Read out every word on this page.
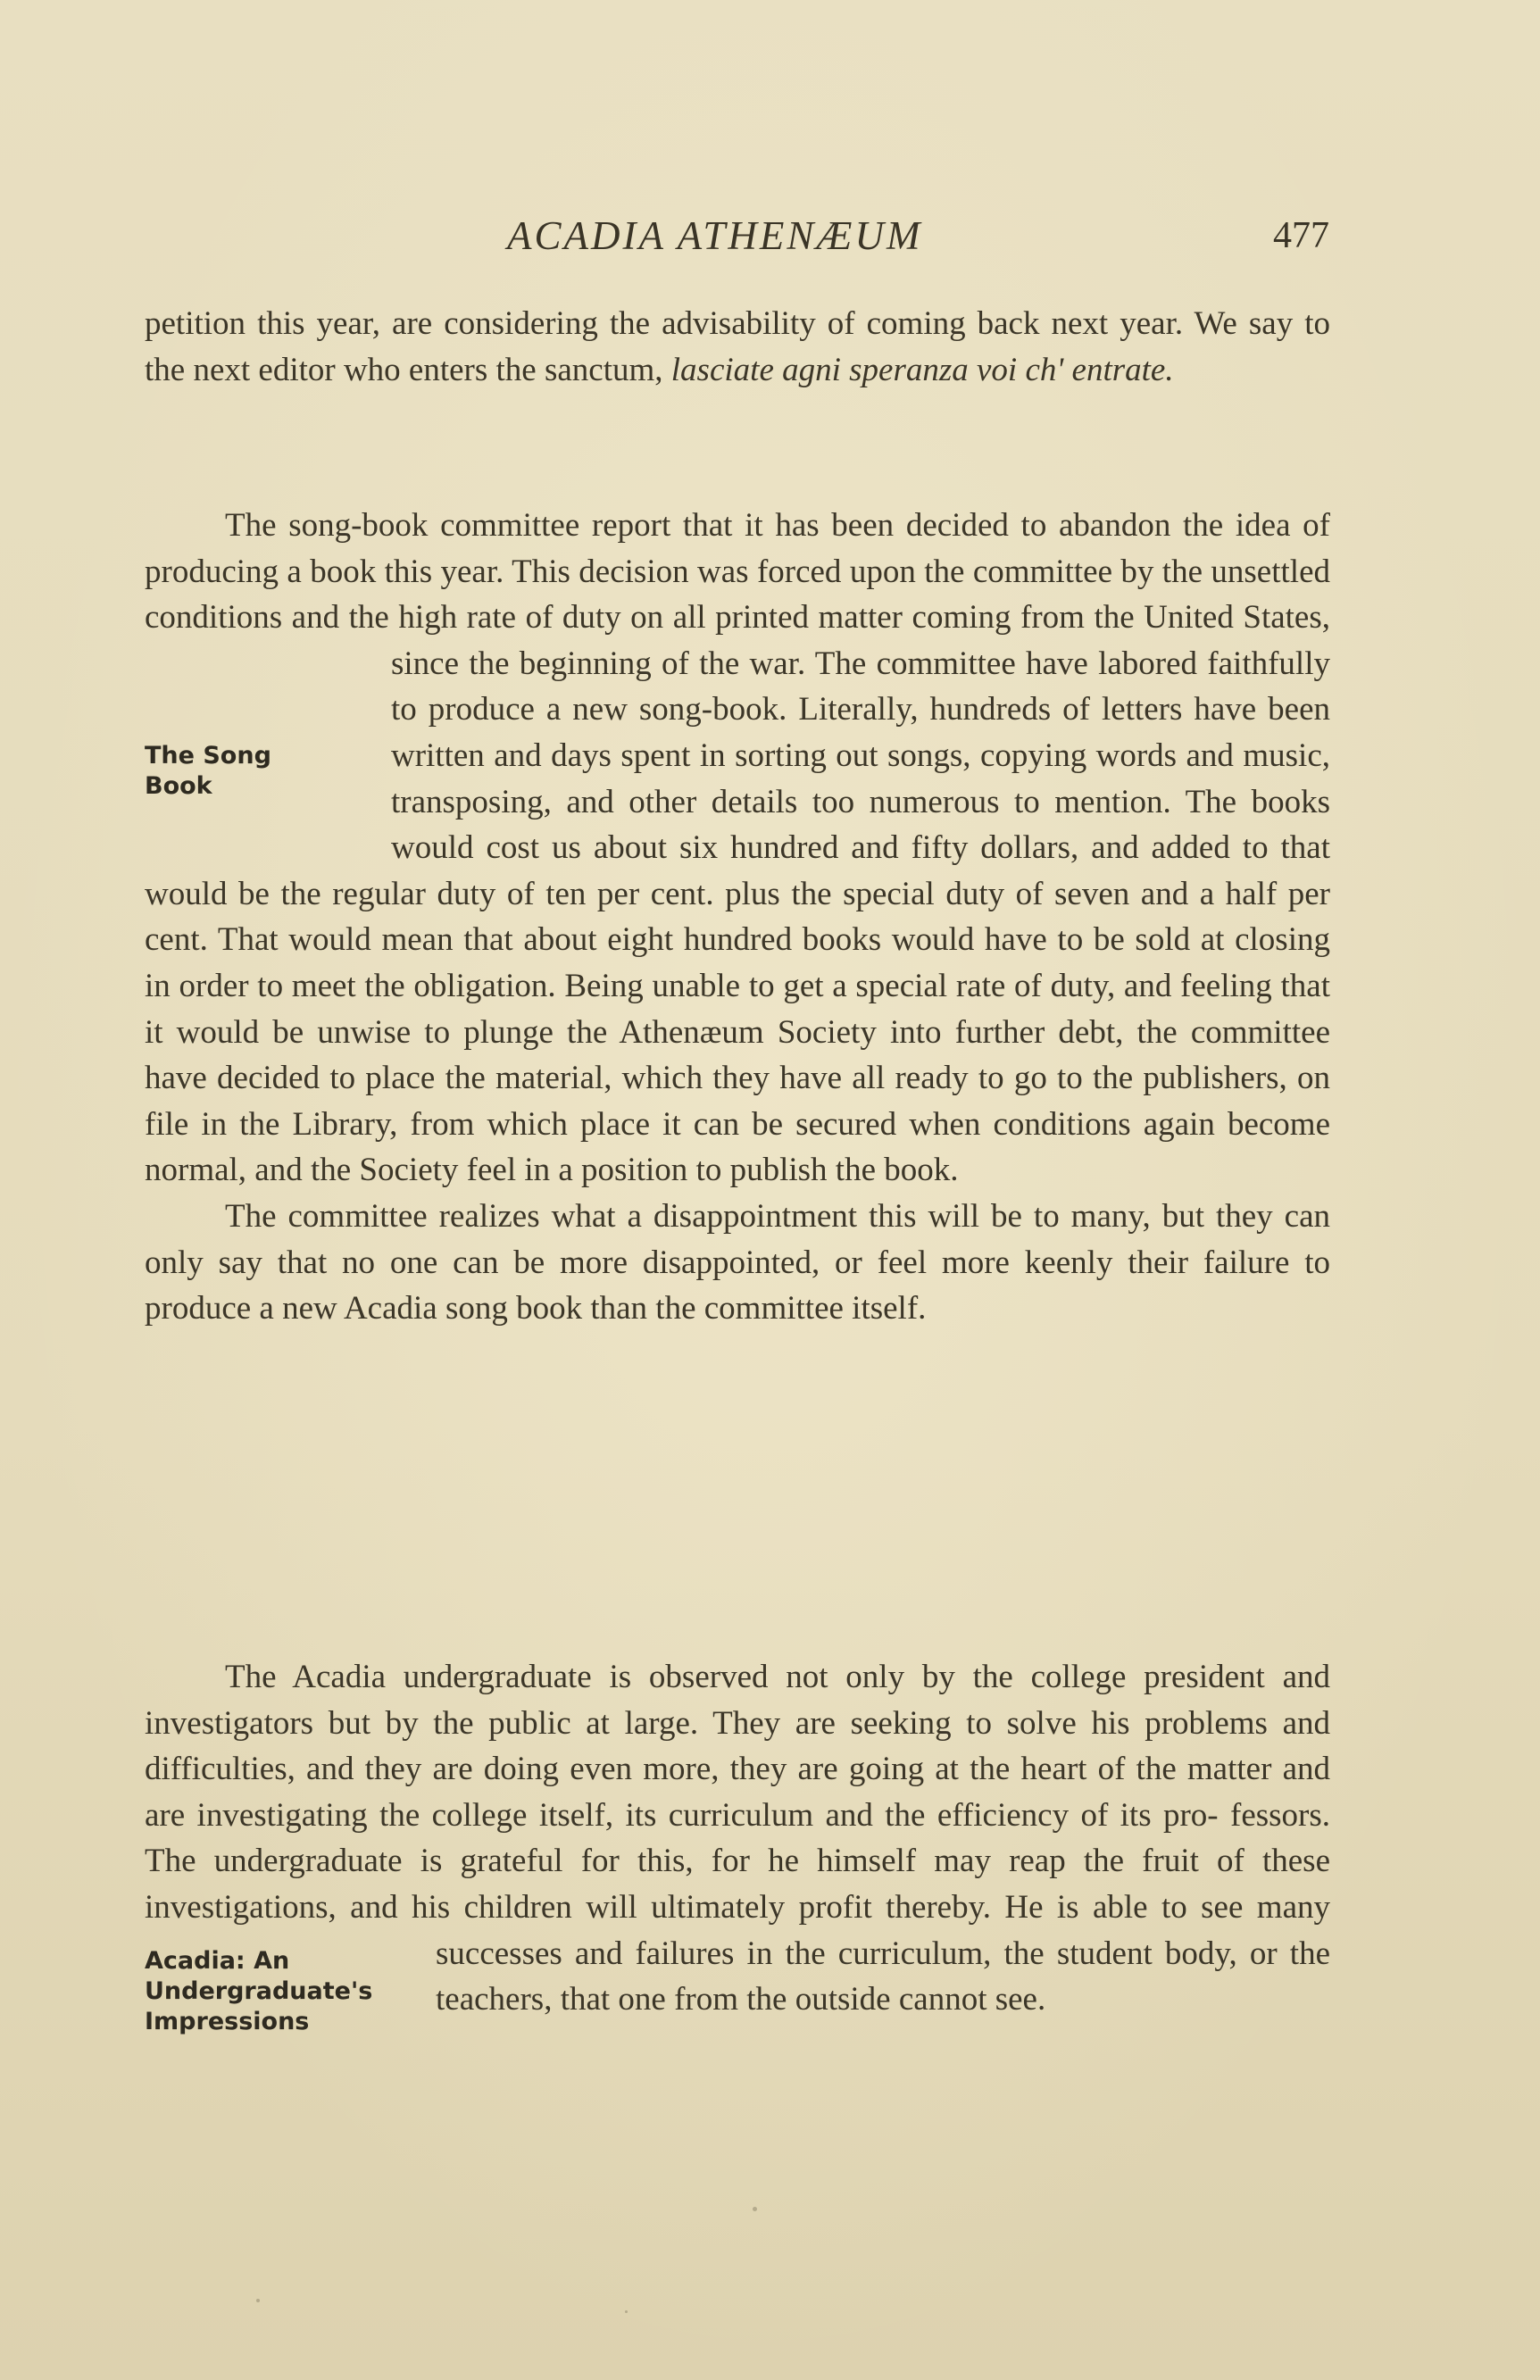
ACADIA ATHENÆUM	477

petition this year, are considering the advisability of coming back next year. We say to the next editor who enters the sanctum, lasciate agni speranza voi ch' entrate.

The song-book committee report that it has been decided to abandon the idea of producing a book this year. This decision was forced upon the committee by the unsettled conditions and the high rate of duty on all printed matter coming from the United States,
since the beginning of the war. The committee have labored faithfully to produce a new song-book. Literally, hundreds of letters have been written and days spent in sorting out songs, copying words and music, transposing, and other details too numerous to mention. The books would cost us about six hundred and fifty dollars, and added to that would be the regular duty of ten per cent. plus the special duty of seven and a half per cent. That would mean that about eight hundred books would have to be sold at closing in order to meet the obligation. Being unable to get a special rate of duty, and feeling that it would be unwise to plunge the Athenæum Society into further debt, the committee have decided to place the material, which they have all ready to go to the publishers, on file in the Library, from which place it can be secured when conditions again become normal, and the Society feel in a position to publish the book.

The committee realizes what a disappointment this will be to many, but they can only say that no one can be more disappointed, or feel more keenly their failure to produce a new Acadia song book than the committee itself.

The Song
Book

The Acadia undergraduate is observed not only by the college president and investigators but by the public at large. They are seeking to solve his problems and difficulties, and they are doing even more, they are going at the heart of the matter and are investigating the college itself, its curriculum and the efficiency of its pro- fessors. The undergraduate is grateful for this, for he himself may reap the fruit of these investigations, and his children will ultimately profit thereby. He is able to see many successes and failures in the curriculum, the student body, or the teachers, that one from the outside cannot see.

Acadia: An
Undergraduate's
Impressions
